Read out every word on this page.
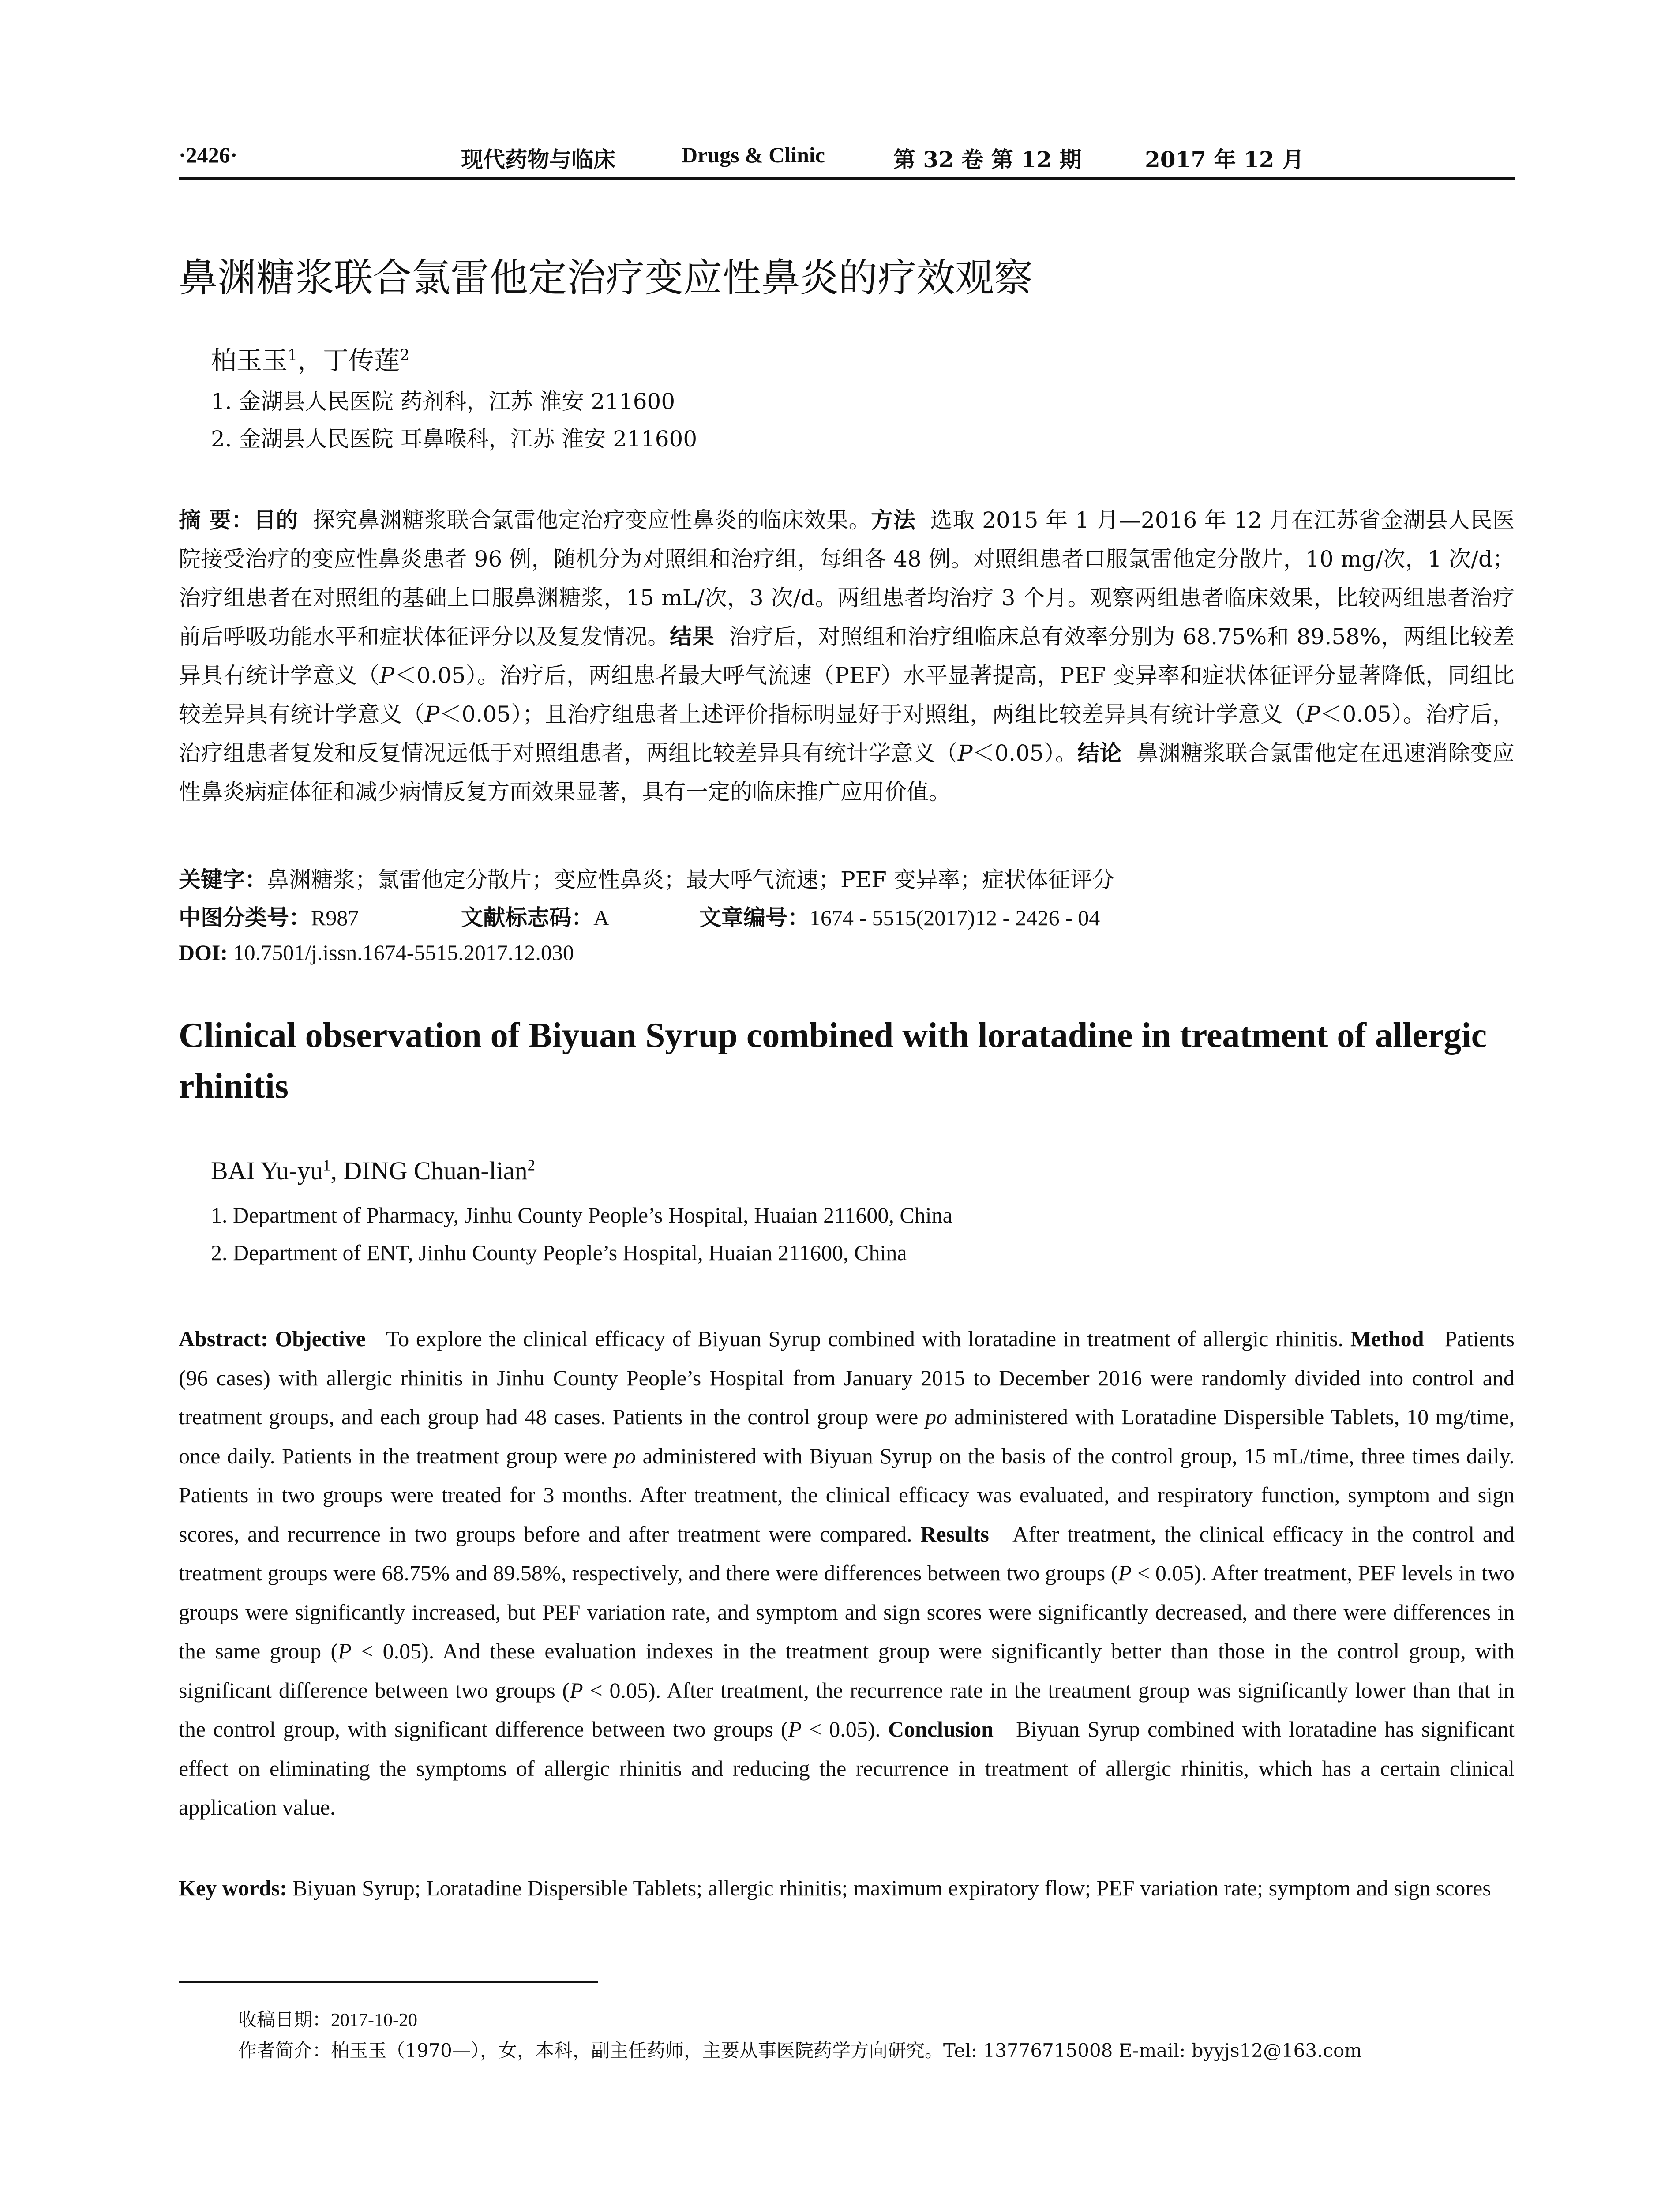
·2426·	现代药物与临床	Drugs & Clinic	第 32 卷 第 12 期	2017 年 12 月
鼻渊糖浆联合氯雷他定治疗变应性鼻炎的疗效观察
柏玉玉$^1$，丁传莲$^2$
1. 金湖县人民医院 药剂科，江苏 淮安 211600
2. 金湖县人民医院 耳鼻喉科，江苏 淮安 211600
摘 要：目的 探究鼻渊糖浆联合氯雷他定治疗变应性鼻炎的临床效果。方法 选取 2015 年 1 月—2016 年 12 月在江苏省金湖县人民医院接受治疗的变应性鼻炎患者 96 例，随机分为对照组和治疗组，每组各 48 例。对照组患者口服氯雷他定分散片，10 mg/次，1 次/d；治疗组患者在对照组的基础上口服鼻渊糖浆，15 mL/次，3 次/d。两组患者均治疗 3 个月。观察两组患者临床效果，比较两组患者治疗前后呼吸功能水平和症状体征评分以及复发情况。结果 治疗后，对照组和治疗组临床总有效率分别为 68.75%和 89.58%，两组比较差异具有统计学意义（P＜0.05）。治疗后，两组患者最大呼气流速（PEF）水平显著提高，PEF 变异率和症状体征评分显著降低，同组比较差异具有统计学意义（P＜0.05）；且治疗组患者上述评价指标明显好于对照组，两组比较差异具有统计学意义（P＜0.05）。治疗后，治疗组患者复发和反复情况远低于对照组患者，两组比较差异具有统计学意义（P＜0.05）。结论 鼻渊糖浆联合氯雷他定在迅速消除变应性鼻炎病症体征和减少病情反复方面效果显著，具有一定的临床推广应用价值。
关键字：鼻渊糖浆；氯雷他定分散片；变应性鼻炎；最大呼气流速；PEF 变异率；症状体征评分
中图分类号：R987	文献标志码：A	文章编号：1674 - 5515(2017)12 - 2426 - 04
DOI: 10.7501/j.issn.1674-5515.2017.12.030
Clinical observation of Biyuan Syrup combined with loratadine in treatment of allergic rhinitis
BAI $Yu-yu^1$, DING Chuan-lian$^2$
1. Department of Pharmacy, Jinhu County People’s Hospital, Huaian 211600, China
2. Department of ENT, Jinhu County People’s Hospital, Huaian 211600, China
Abstract: Objective To explore the clinical efficacy of Biyuan Syrup combined with loratadine in treatment of allergic rhinitis. Method Patients (96 cases) with allergic rhinitis in Jinhu County People’s Hospital from January 2015 to December 2016 were randomly divided into control and treatment groups, and each group had 48 cases. Patients in the control group were po administered with Loratadine Dispersible Tablets, 10 mg/time, once daily. Patients in the treatment group were po administered with Biyuan Syrup on the basis of the control group, 15 mL/time, three times daily. Patients in two groups were treated for 3 months. After treatment, the clinical efficacy was evaluated, and respiratory function, symptom and sign scores, and recurrence in two groups before and after treatment were compared. Results After treatment, the clinical efficacy in the control and treatment groups were 68.75% and 89.58%, respectively, and there were differences between two groups (P < 0.05). After treatment, PEF levels in two groups were significantly increased, but PEF variation rate, and symptom and sign scores were significantly decreased, and there were differences in the same group (P < 0.05). And these evaluation indexes in the treatment group were significantly better than those in the control group, with significant difference between two groups (P < 0.05). After treatment, the recurrence rate in the treatment group was significantly lower than that in the control group, with significant difference between two groups (P < 0.05). Conclusion Biyuan Syrup combined with loratadine has significant effect on eliminating the symptoms of allergic rhinitis and reducing the recurrence in treatment of allergic rhinitis, which has a certain clinical application value.
Key words: Biyuan Syrup; Loratadine Dispersible Tablets; allergic rhinitis; maximum expiratory flow; PEF variation rate; symptom and sign scores
收稿日期：2017-10-20
作者简介：柏玉玉（1970—），女，本科，副主任药师，主要从事医院药学方向研究。Tel: 13776715008 E-mail: byyjs12@163.com
